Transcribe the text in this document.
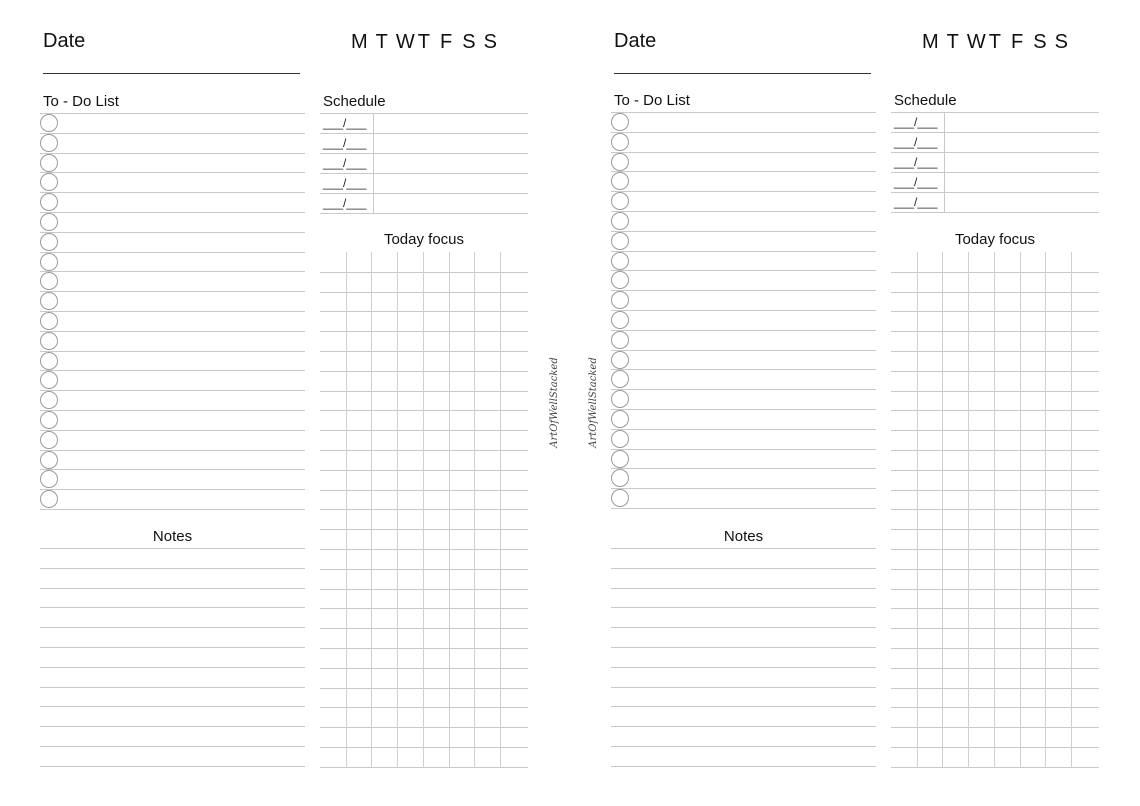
Date	M T W T F S S
To - Do List
Notes
Schedule
___/___
___/___
___/___
___/___
___/___
Today focus
ArtOfWellStacked
Date	M T W T F S S
To - Do List
Notes
Schedule
___/___
___/___
___/___
___/___
___/___
Today focus
ArtOfWellStacked
